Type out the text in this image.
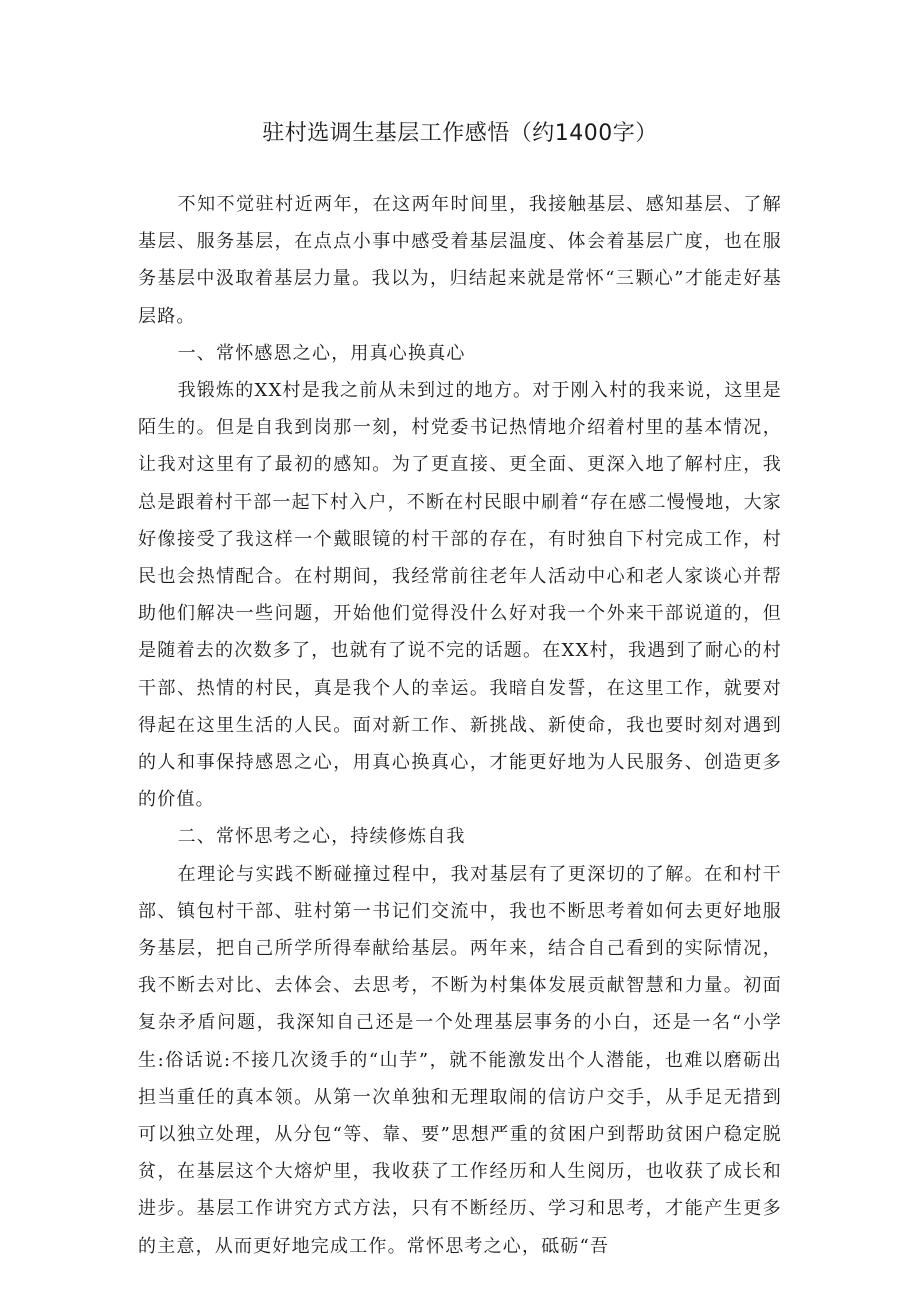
驻村选调生基层工作感悟（约1400字）

不知不觉驻村近两年，在这两年时间里，我接触基层、感知基层、了解基层、服务基层，在点点小事中感受着基层温度、体会着基层广度，也在服务基层中汲取着基层力量。我以为，归结起来就是常怀“三颗心”才能走好基层路。

一、常怀感恩之心，用真心换真心

我锻炼的XX村是我之前从未到过的地方。对于刚入村的我来说，这里是陌生的。但是自我到岗那一刻，村党委书记热情地介绍着村里的基本情况，让我对这里有了最初的感知。为了更直接、更全面、更深入地了解村庄，我总是跟着村干部一起下村入户，不断在村民眼中刷着“存在感二慢慢地，大家好像接受了我这样一个戴眼镜的村干部的存在，有时独自下村完成工作，村民也会热情配合。在村期间，我经常前往老年人活动中心和老人家谈心并帮助他们解决一些问题，开始他们觉得没什么好对我一个外来干部说道的，但是随着去的次数多了，也就有了说不完的话题。在XX村，我遇到了耐心的村干部、热情的村民，真是我个人的幸运。我暗自发誓，在这里工作，就要对得起在这里生活的人民。面对新工作、新挑战、新使命，我也要时刻对遇到的人和事保持感恩之心，用真心换真心，才能更好地为人民服务、创造更多的价值。

二、常怀思考之心，持续修炼自我

在理论与实践不断碰撞过程中，我对基层有了更深切的了解。在和村干部、镇包村干部、驻村第一书记们交流中，我也不断思考着如何去更好地服务基层，把自己所学所得奉献给基层。两年来，结合自己看到的实际情况，我不断去对比、去体会、去思考，不断为村集体发展贡献智慧和力量。初面复杂矛盾问题，我深知自己还是一个处理基层事务的小白，还是一名“小学生:俗话说:不接几次烫手的“山芋”，就不能激发出个人潜能，也难以磨砺出担当重任的真本领。从第一次单独和无理取闹的信访户交手，从手足无措到可以独立处理，从分包“等、靠、要”思想严重的贫困户到帮助贫困户稳定脱贫，在基层这个大熔炉里，我收获了工作经历和人生阅历，也收获了成长和进步。基层工作讲究方式方法，只有不断经历、学习和思考，才能产生更多的主意，从而更好地完成工作。常怀思考之心，砥砺“吾
